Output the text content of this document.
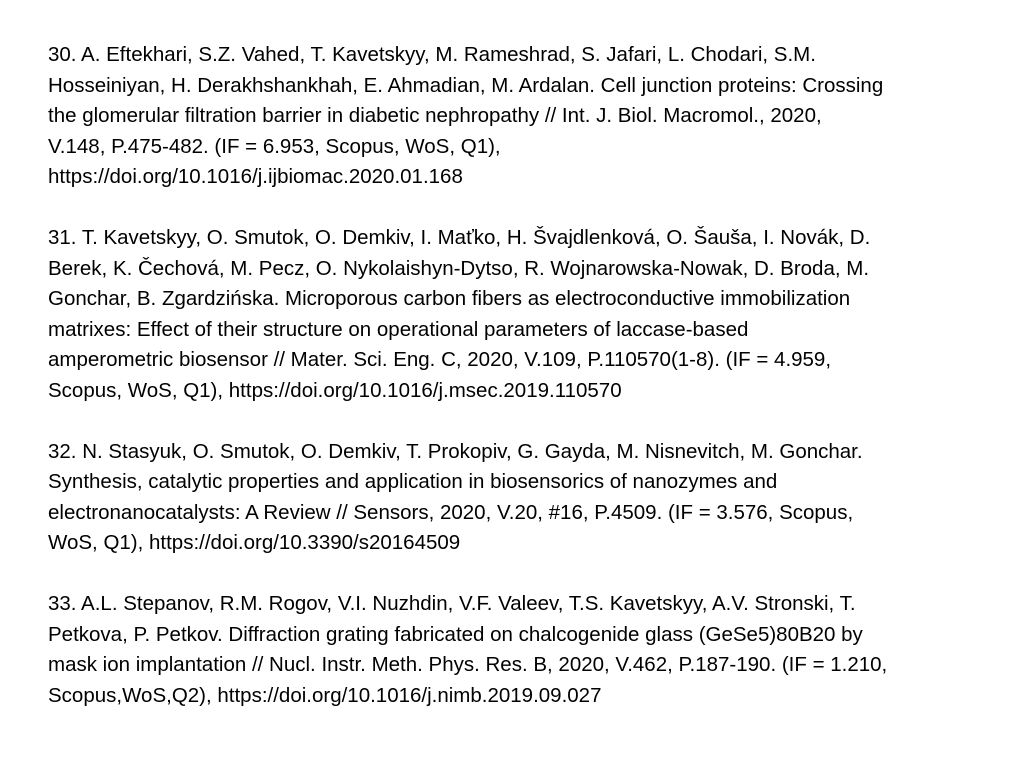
30. A. Eftekhari, S.Z. Vahed, T. Kavetskyy, M. Rameshrad, S. Jafari, L. Chodari, S.M.
Hosseiniyan, H. Derakhshankhah, E. Ahmadian, M. Ardalan. Cell junction proteins: Crossing
the glomerular filtration barrier in diabetic nephropathy // Int. J. Biol. Macromol., 2020,
V.148, P.475-482. (IF = 6.953, Scopus, WoS, Q1),
https://doi.org/10.1016/j.ijbiomac.2020.01.168
31. T. Kavetskyy, O. Smutok, O. Demkiv, I. Maťko, H. Švajdlenková, O. Šauša, I. Novák, D.
Berek, K. Čechová, M. Pecz, O. Nykolaishyn-Dytso, R. Wojnarowska-Nowak, D. Broda, M.
Gonchar, B. Zgardzińska. Microporous carbon fibers as electroconductive immobilization
matrixes: Effect of their structure on operational parameters of laccase-based
amperometric biosensor // Mater. Sci. Eng. C, 2020, V.109, P.110570(1-8). (IF = 4.959,
Scopus, WoS, Q1), https://doi.org/10.1016/j.msec.2019.110570
32. N. Stasyuk, O. Smutok, O. Demkiv, T. Prokopiv, G. Gayda, M. Nisnevitch, M. Gonchar.
Synthesis, catalytic properties and application in biosensorics of nanozymes and
electronanocatalysts: A Review // Sensors, 2020, V.20, #16, P.4509. (IF = 3.576, Scopus,
WoS, Q1), https://doi.org/10.3390/s20164509
33. A.L. Stepanov, R.M. Rogov, V.I. Nuzhdin, V.F. Valeev, T.S. Kavetskyy, A.V. Stronski, T.
Petkova, P. Petkov. Diffraction grating fabricated on chalcogenide glass (GeSe5)80B20 by
mask ion implantation // Nucl. Instr. Meth. Phys. Res. B, 2020, V.462, P.187-190. (IF = 1.210,
Scopus,WoS,Q2), https://doi.org/10.1016/j.nimb.2019.09.027
